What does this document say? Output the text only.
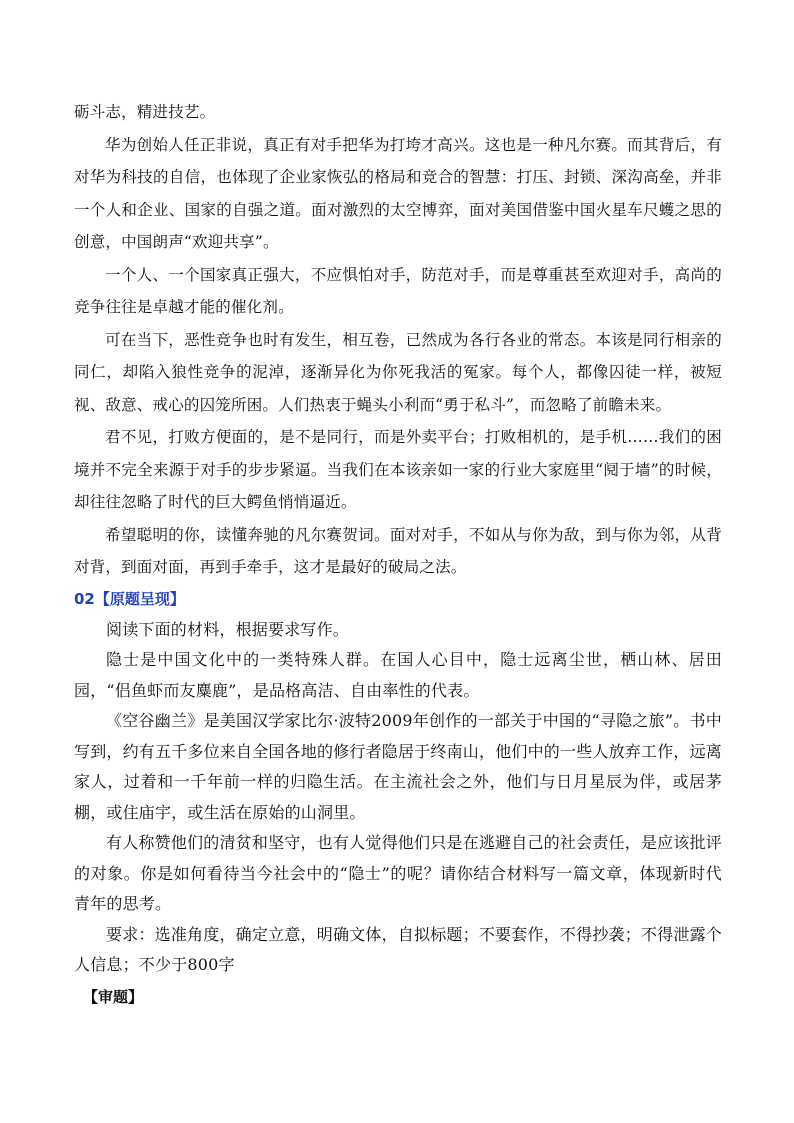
砺斗志，精进技艺。

华为创始人任正非说，真正有对手把华为打垮才高兴。这也是一种凡尔赛。而其背后，有对华为科技的自信，也体现了企业家恢弘的格局和竞合的智慧：打压、封锁、深沟高垒，并非一个人和企业、国家的自强之道。面对激烈的太空博弈，面对美国借鉴中国火星车尺蠖之思的创意，中国朗声“欢迎共享”。

一个人、一个国家真正强大，不应惧怕对手，防范对手，而是尊重甚至欢迎对手，高尚的竞争往往是卓越才能的催化剂。

可在当下，恶性竞争也时有发生，相互卷，已然成为各行各业的常态。本该是同行相亲的同仁，却陷入狼性竞争的泥淖，逐渐异化为你死我活的冤家。每个人，都像囚徒一样，被短视、敌意、戒心的囚笼所困。人们热衷于蝇头小利而“勇于私斗”，而忽略了前瞻未来。

君不见，打败方便面的，是不是同行，而是外卖平台；打败相机的，是手机……我们的困境并不完全来源于对手的步步紧逼。当我们在本该亲如一家的行业大家庭里“阋于墙”的时候，却往往忽略了时代的巨大鳄鱼悄悄逼近。

希望聪明的你，读懂奔驰的凡尔赛贺词。面对对手，不如从与你为敌，到与你为邻，从背对背，到面对面，再到手牵手，这才是最好的破局之法。

02【原题呈现】

阅读下面的材料，根据要求写作。

隐士是中国文化中的一类特殊人群。在国人心目中，隐士远离尘世，栖山林、居田园，“侣鱼虾而友麋鹿”，是品格高洁、自由率性的代表。

《空谷幽兰》是美国汉学家比尔·波特2009年创作的一部关于中国的“寻隐之旅”。书中写到，约有五千多位来自全国各地的修行者隐居于终南山，他们中的一些人放弃工作，远离家人，过着和一千年前一样的归隐生活。在主流社会之外，他们与日月星辰为伴，或居茅棚，或住庙宇，或生活在原始的山洞里。

有人称赞他们的清贫和坚守，也有人觉得他们只是在逃避自己的社会责任，是应该批评的对象。你是如何看待当今社会中的“隐士”的呢？请你结合材料写一篇文章，体现新时代青年的思考。

要求：选准角度，确定立意，明确文体，自拟标题；不要套作，不得抄袭；不得泄露个人信息；不少于800字

【审题】
